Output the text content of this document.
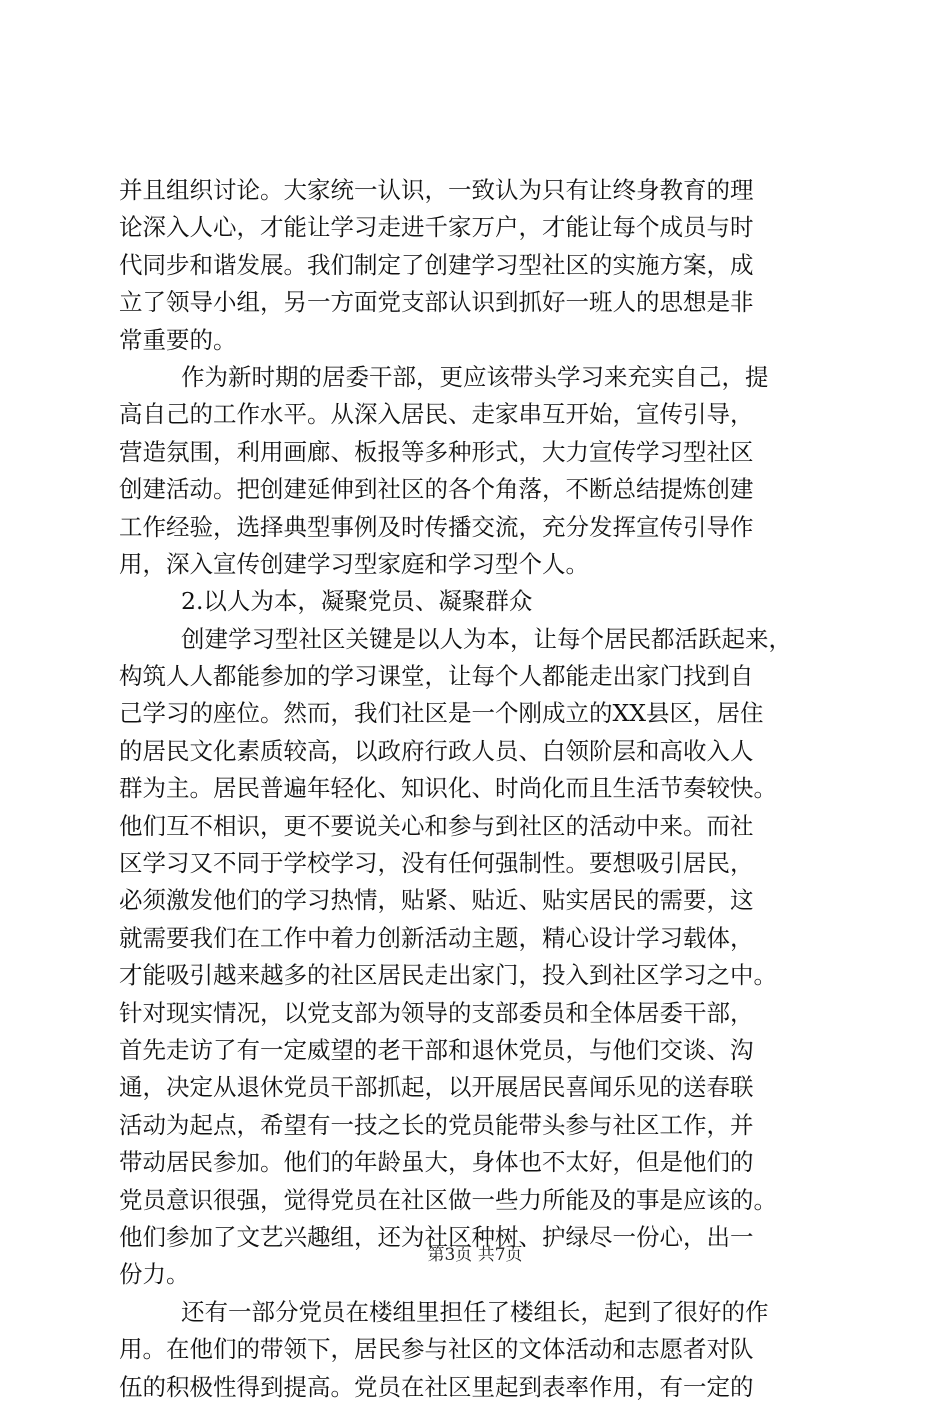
并且组织讨论。大家统一认识，一致认为只有让终身教育的理
论深入人心，才能让学习走进千家万户，才能让每个成员与时
代同步和谐发展。我们制定了创建学习型社区的实施方案，成
立了领导小组，另一方面党支部认识到抓好一班人的思想是非
常重要的。
作为新时期的居委干部，更应该带头学习来充实自己，提
高自己的工作水平。从深入居民、走家串互开始，宣传引导，
营造氛围，利用画廊、板报等多种形式，大力宣传学习型社区
创建活动。把创建延伸到社区的各个角落，不断总结提炼创建
工作经验，选择典型事例及时传播交流，充分发挥宣传引导作
用，深入宣传创建学习型家庭和学习型个人。
2.以人为本，凝聚党员、凝聚群众
创建学习型社区关键是以人为本，让每个居民都活跃起来，
构筑人人都能参加的学习课堂，让每个人都能走出家门找到自
己学习的座位。然而，我们社区是一个刚成立的XX县区，居住
的居民文化素质较高，以政府行政人员、白领阶层和高收入人
群为主。居民普遍年轻化、知识化、时尚化而且生活节奏较快。
他们互不相识，更不要说关心和参与到社区的活动中来。而社
区学习又不同于学校学习，没有任何强制性。要想吸引居民，
必须激发他们的学习热情，贴紧、贴近、贴实居民的需要，这
就需要我们在工作中着力创新活动主题，精心设计学习载体，
才能吸引越来越多的社区居民走出家门，投入到社区学习之中。
针对现实情况，以党支部为领导的支部委员和全体居委干部，
首先走访了有一定威望的老干部和退休党员，与他们交谈、沟
通，决定从退休党员干部抓起，以开展居民喜闻乐见的送春联
活动为起点，希望有一技之长的党员能带头参与社区工作，并
带动居民参加。他们的年龄虽大，身体也不太好，但是他们的
党员意识很强，觉得党员在社区做一些力所能及的事是应该的。
他们参加了文艺兴趣组，还为社区种树、护绿尽一份心，出一
份力。
还有一部分党员在楼组里担任了楼组长，起到了很好的作
用。在他们的带领下，居民参与社区的文体活动和志愿者对队
伍的积极性得到提高。党员在社区里起到表率作用，有一定的
第3页 共7页
